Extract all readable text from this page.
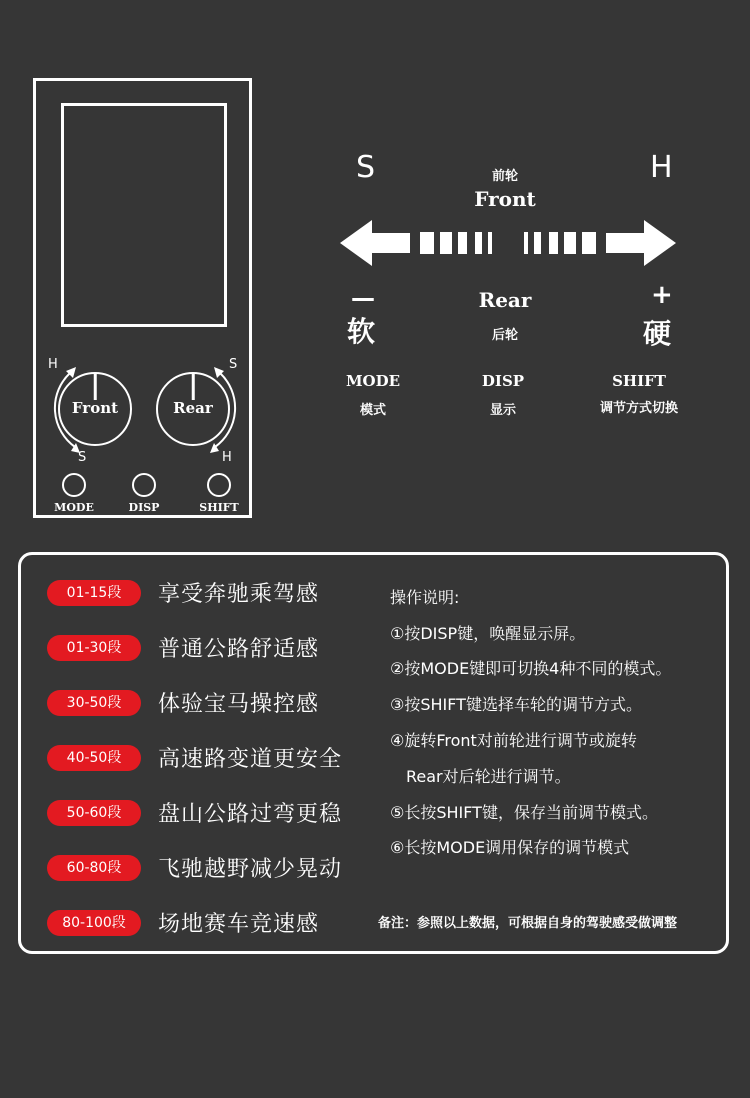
H
S
S
H
Front	Rear
MODE	DISP	SHIFT
S	H
前轮
Front
—	+
软	硬
Rear
后轮
MODE
模式
DISP
显示
SHIFT
调节方式切换
01-15段	享受奔驰乘驾感
01-30段	普通公路舒适感
30-50段	体验宝马操控感
40-50段	高速路变道更安全
50-60段	盘山公路过弯更稳
60-80段	飞驰越野减少晃动
80-100段	场地赛车竞速感
操作说明:
①按DISP键，唤醒显示屏。
②按MODE键即可切换4种不同的模式。
③按SHIFT键选择车轮的调节方式。
④旋转Front对前轮进行调节或旋转
Rear对后轮进行调节。
⑤长按SHIFT键，保存当前调节模式。
⑥长按MODE调用保存的调节模式
备注：参照以上数据，可根据自身的驾驶感受做调整
